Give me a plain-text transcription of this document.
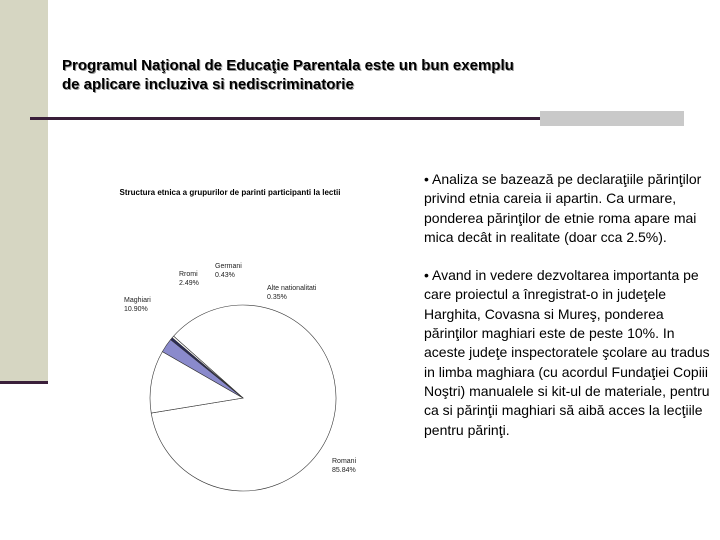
Programul Naţional de Educaţie Parentala este un bun exemplu
de aplicare incluziva si nediscriminatorie
Structura etnica a grupurilor de parinti participanti la lectii
Romani
85.84%
Maghiari
10.90%
Rromi
2.49%
Germani
0.43%
Alte nationalitati
0.35%

• Analiza se bazează pe declaraţiile părinţilor privind etnia careia ii apartin. Ca urmare, ponderea părinţilor de etnie roma apare mai mica decât in realitate (doar cca 2.5%).

• Avand in vedere dezvoltarea importanta pe care proiectul a înregistrat-o in judeţele Harghita, Covasna si Mureş, ponderea părinţilor maghiari este de peste 10%. In aceste judeţe inspectoratele şcolare au tradus in limba maghiara (cu acordul Fundaţiei Copiii Noştri) manualele si kit-ul de materiale, pentru ca si părinţii maghiari să aibă acces la lecţiile pentru părinţi.
